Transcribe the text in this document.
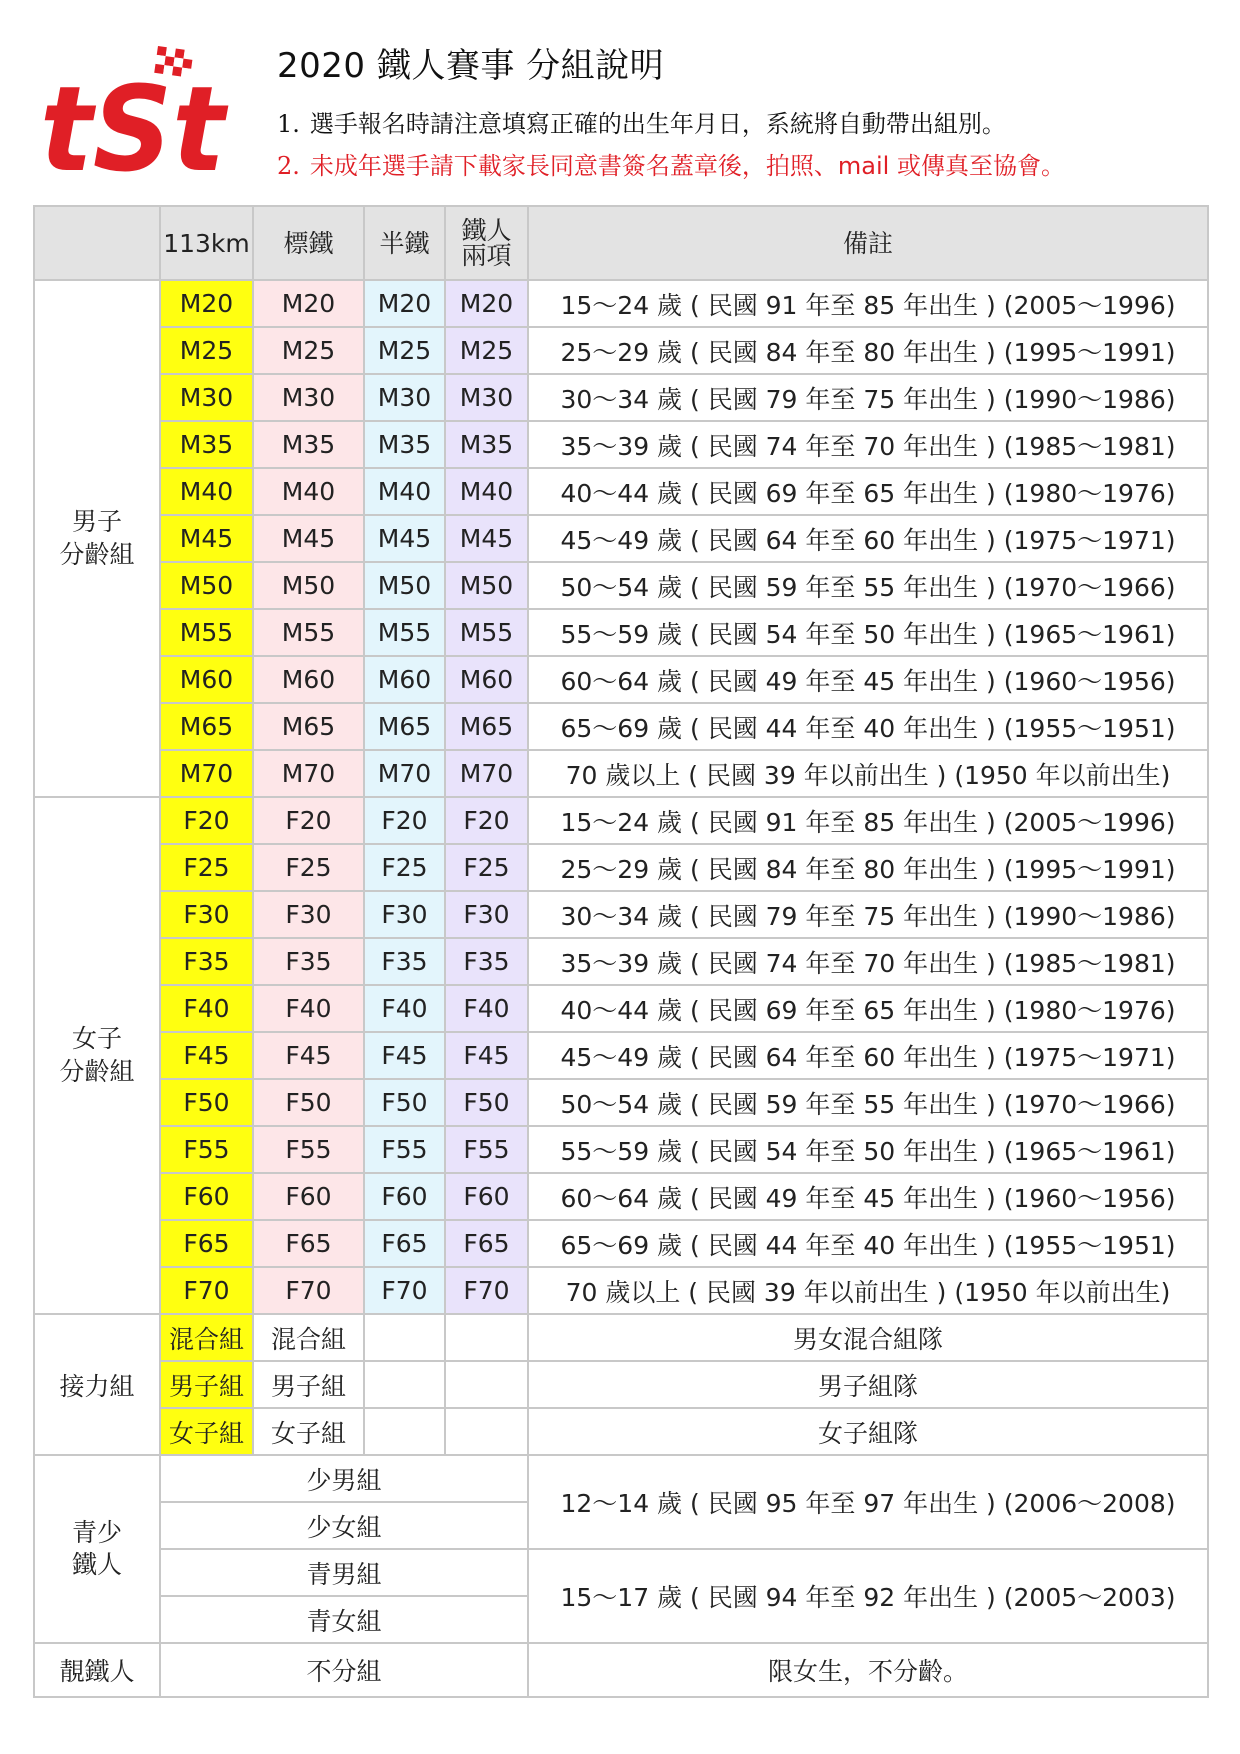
tSt 2020 鐵人賽事 分組說明
1. 選手報名時請注意填寫正確的出生年月日，系統將自動帶出組別。
2. 未成年選手請下載家長同意書簽名蓋章後，拍照、mail 或傳真至協會。
	113km	標鐵	半鐵	鐵人
兩項	備註
男子
分齡組	M20	M20	M20	M20	15～24 歲 ( 民國 91 年至 85 年出生 ) (2005～1996)
	M25	M25	M25	M25	25～29 歲 ( 民國 84 年至 80 年出生 ) (1995～1991)
	M30	M30	M30	M30	30～34 歲 ( 民國 79 年至 75 年出生 ) (1990～1986)
	M35	M35	M35	M35	35～39 歲 ( 民國 74 年至 70 年出生 ) (1985～1981)
	M40	M40	M40	M40	40～44 歲 ( 民國 69 年至 65 年出生 ) (1980～1976)
	M45	M45	M45	M45	45～49 歲 ( 民國 64 年至 60 年出生 ) (1975～1971)
	M50	M50	M50	M50	50～54 歲 ( 民國 59 年至 55 年出生 ) (1970～1966)
	M55	M55	M55	M55	55～59 歲 ( 民國 54 年至 50 年出生 ) (1965～1961)
	M60	M60	M60	M60	60～64 歲 ( 民國 49 年至 45 年出生 ) (1960～1956)
	M65	M65	M65	M65	65～69 歲 ( 民國 44 年至 40 年出生 ) (1955～1951)
	M70	M70	M70	M70	70 歲以上 ( 民國 39 年以前出生 ) (1950 年以前出生)
女子
分齡組	F20	F20	F20	F20	15～24 歲 ( 民國 91 年至 85 年出生 ) (2005～1996)
	F25	F25	F25	F25	25～29 歲 ( 民國 84 年至 80 年出生 ) (1995～1991)
	F30	F30	F30	F30	30～34 歲 ( 民國 79 年至 75 年出生 ) (1990～1986)
	F35	F35	F35	F35	35～39 歲 ( 民國 74 年至 70 年出生 ) (1985～1981)
	F40	F40	F40	F40	40～44 歲 ( 民國 69 年至 65 年出生 ) (1980～1976)
	F45	F45	F45	F45	45～49 歲 ( 民國 64 年至 60 年出生 ) (1975～1971)
	F50	F50	F50	F50	50～54 歲 ( 民國 59 年至 55 年出生 ) (1970～1966)
	F55	F55	F55	F55	55～59 歲 ( 民國 54 年至 50 年出生 ) (1965～1961)
	F60	F60	F60	F60	60～64 歲 ( 民國 49 年至 45 年出生 ) (1960～1956)
	F65	F65	F65	F65	65～69 歲 ( 民國 44 年至 40 年出生 ) (1955～1951)
	F70	F70	F70	F70	70 歲以上 ( 民國 39 年以前出生 ) (1950 年以前出生)
接力組	混合組	混合組			男女混合組隊
	男子組	男子組			男子組隊
	女子組	女子組			女子組隊
青少
鐵人	少男組				12～14 歲 ( 民國 95 年至 97 年出生 ) (2006～2008)
	少女組				
	青男組				15～17 歲 ( 民國 94 年至 92 年出生 ) (2005～2003)
	青女組				
靚鐵人	不分組				限女生，不分齡。
